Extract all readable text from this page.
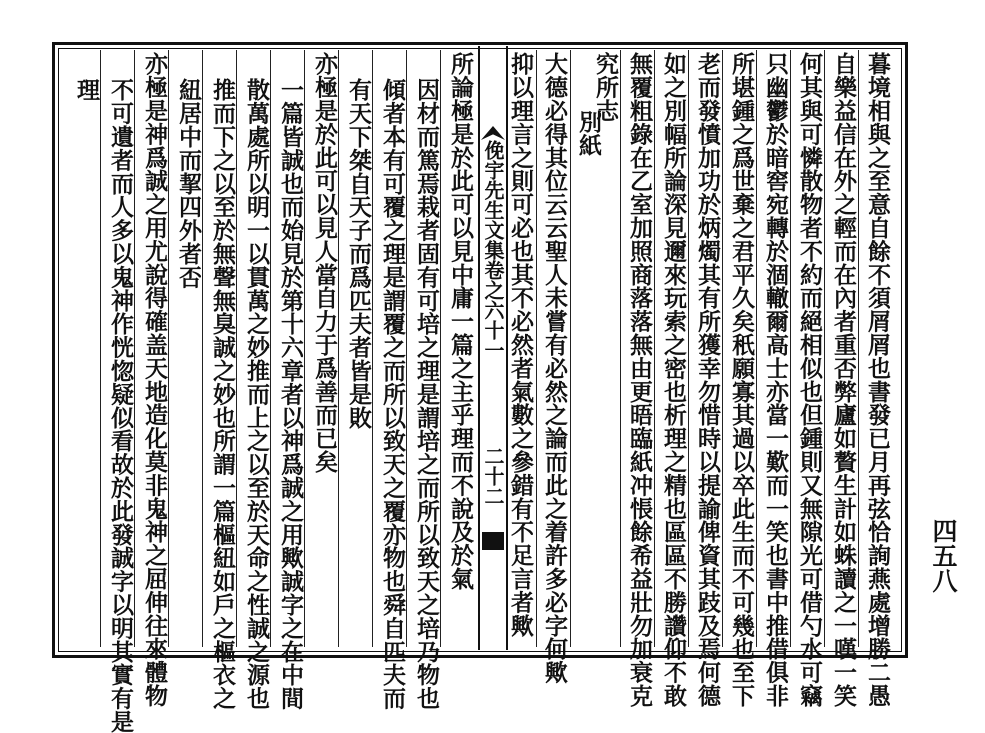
暮境相與之至意自餘不須屑屑也書發已月再弦恰詢燕處增勝二愚
自樂益信在外之輕而在內者重否弊廬如贅生計如蛛讀之一嘆一笑
何其與可憐散物者不約而絕相似也但鍾則又無隙光可借勺水可竊
只幽鬱於暗窖宛轉於涸轍爾高士亦當一歎而一笑也書中推借俱非
所堪鍾之爲世棄之君平久矣秖願寡其過以卒此生而不可幾也至下
老而發憤加功於炳燭其有所獲幸勿惜時以提諭俾資其跂及焉何德
如之別幅所論深見邇來玩索之密也析理之精也區區不勝讚仰不敢
無覆粗錄在乙室加照商落落無由更晤臨紙冲悵餘希益壯勿加衰克
究所志
別紙
大德必得其位云云聖人未嘗有必然之論而此之着許多必字何歟
抑以理言之則可必也其不必然者氣數之參錯有不足言者歟
俛宇先生文集卷之六十一
二十二
所論極是於此可以見中庸一篇之主乎理而不說及於氣
因材而篤焉栽者固有可培之理是謂培之而所以致天之培乃物也
傾者本有可覆之理是謂覆之而所以致天之覆亦物也舜自匹夫而
有天下桀自天子而爲匹夫者皆是敗
亦極是於此可以見人當自力于爲善而已矣
一篇皆誠也而始見於第十六章者以神爲誠之用歟誠字之在中間
散萬處所以明一以貫萬之妙推而上之以至於天命之性誠之源也
推而下之以至於無聲無臭誠之妙也所謂一篇樞紐如戶之樞衣之
紐居中而挈四外者否
亦極是神爲誠之用尤說得確盖天地造化莫非鬼神之屈伸往來體物
不可遺者而人多以鬼神作恍惚疑似看故於此發誠字以明其實有是
理
四五八
